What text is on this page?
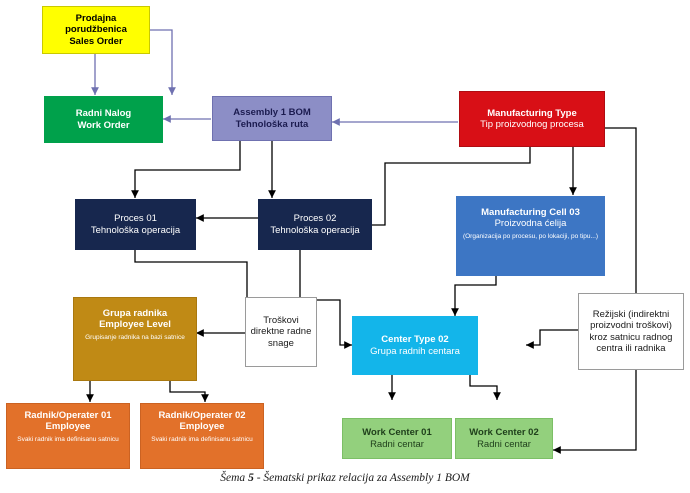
Prodajna
porudžbenica
Sales Order
Radni Nalog
Work Order
Assembly 1 BOM
Tehnološka ruta
Manufacturing Type
Tip proizvodnog procesa
Proces 01
Tehnološka operacija
Proces 02
Tehnološka operacija
Manufacturing Cell 03
Proizvodna ćelija
(Organizacija po procesu, po lokaciji, po tipu...)
Grupa radnika
Employee Level
Grupisanje radnika na bazi satnice
Troškovi
direktne radne
snage	Center Type 02
Grupa radnih centara
Režijski (indirektni
proizvodni troškovi)
kroz satnicu radnog
centra ili radnika
Radnik/Operater 01
Employee
Svaki radnik ima definisanu satnicu
Radnik/Operater 02
Employee
Svaki radnik ima definisanu satnicu
Work Center 01
Radni centar
Work Center 02
Radni centar
Šema 5 - Šematski prikaz relacija za Assembly 1 BOM
